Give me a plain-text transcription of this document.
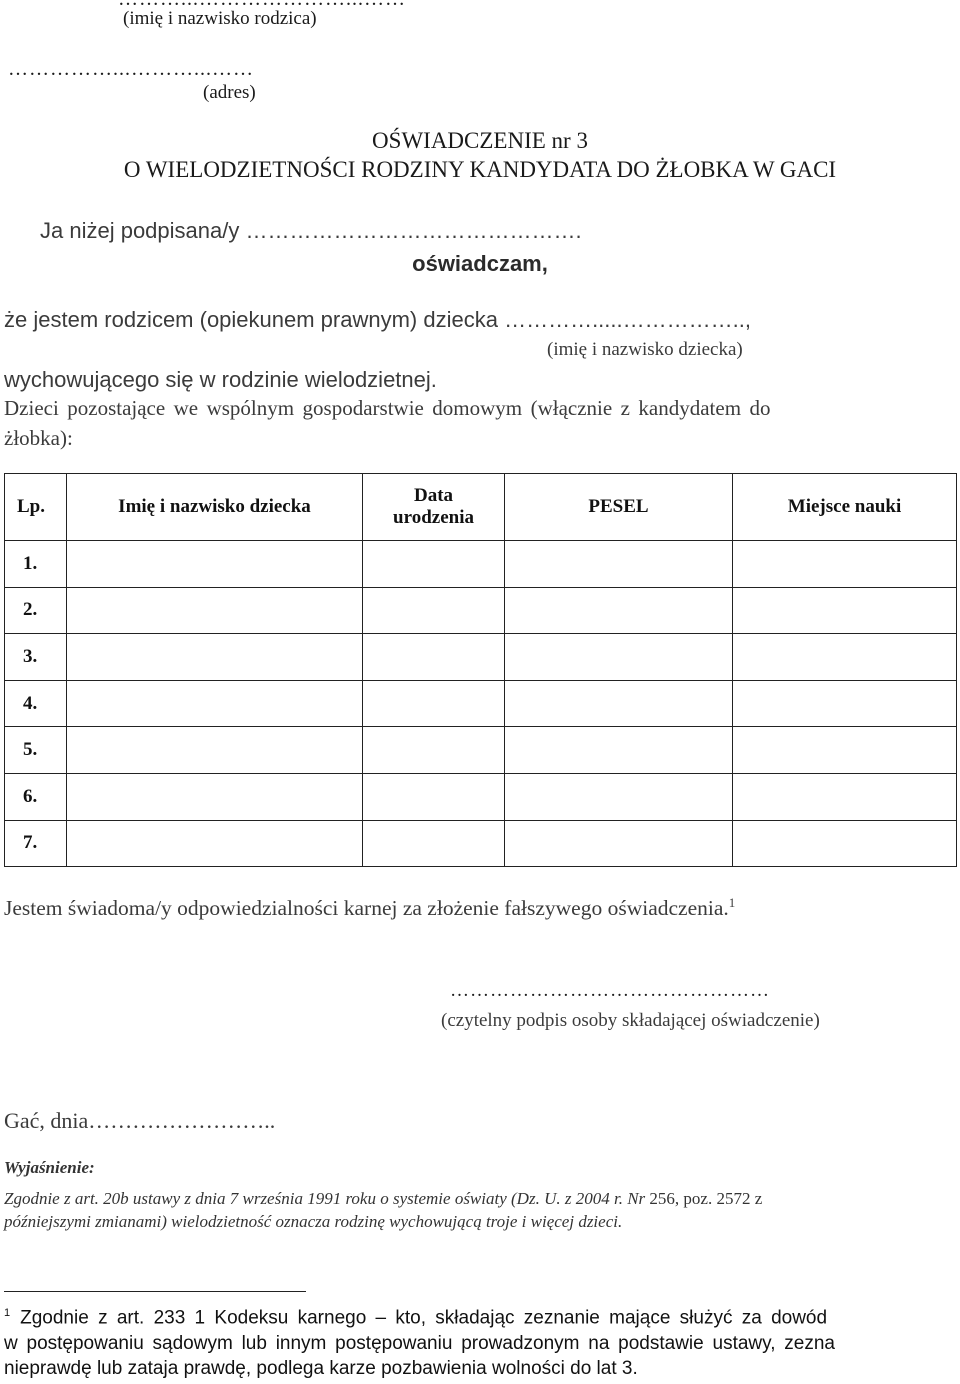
(imię i nazwisko rodzica)
……………...………...……
(adres)
OŚWIADCZENIE nr 3
O WIELODZIETNOŚCI RODZINY KANDYDATA DO ŻŁOBKA W GACI
Ja niżej podpisana/y ……………………………………….
oświadczam,
że jestem rodzicem (opiekunem prawnym) dziecka ………….....……………..,
(imię i nazwisko dziecka)
wychowującego się w rodzinie wielodzietnej.
Dzieci pozostające we wspólnym gospodarstwie domowym (włącznie z kandydatem do
żłobka):
Lp.	Imię i nazwisko dziecka	Data urodzenia	PESEL	Miejsce nauki
1.				
2.				
3.				
4.				
5.				
6.				
7.				
Jestem świadoma/y odpowiedzialności karnej za złożenie fałszywego oświadczenia.$^1$
…………………………………………
(czytelny podpis osoby składającej oświadczenie)
Gać, dnia……………………..
Wyjaśnienie:
Zgodnie z art. 20b ustawy z dnia 7 września 1991 roku o systemie oświaty (Dz. U. z 2004 r. Nr 256, poz. 2572 z
późniejszymi zmianami) wielodzietność oznacza rodzinę wychowującą troje i więcej dzieci.
$^1$ Zgodnie z art. 233 1 Kodeksu karnego – kto, składając zeznanie mające służyć za dowód
w postępowaniu sądowym lub innym postępowaniu prowadzonym na podstawie ustawy, zezna
nieprawdę lub zataja prawdę, podlega karze pozbawienia wolności do lat 3.
